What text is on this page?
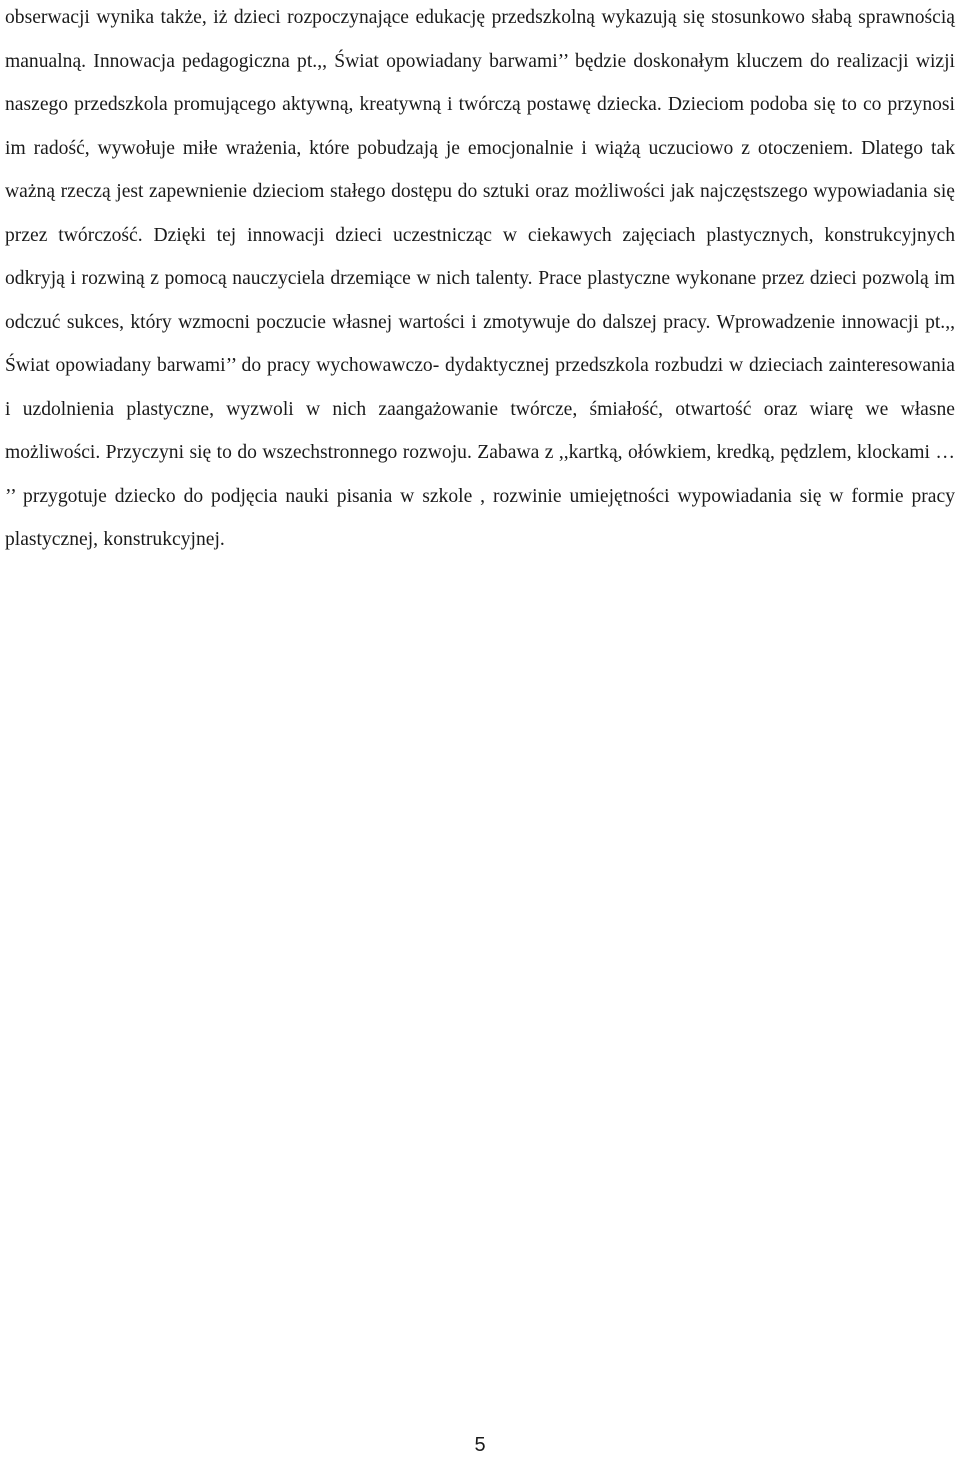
obserwacji wynika także, iż dzieci rozpoczynające edukację przedszkolną wykazują się stosunkowo słabą sprawnością manualną. Innowacja pedagogiczna pt.,, Świat opowiadany barwami’’ będzie doskonałym kluczem do realizacji wizji naszego przedszkola promującego aktywną, kreatywną i twórczą postawę dziecka. Dzieciom podoba się to co przynosi im radość, wywołuje miłe wrażenia, które pobudzają je emocjonalnie i wiążą uczuciowo z otoczeniem. Dlatego tak ważną rzeczą jest zapewnienie dzieciom stałego dostępu do sztuki oraz możliwości jak najczęstszego wypowiadania się przez twórczość. Dzięki tej innowacji dzieci uczestnicząc w ciekawych zajęciach plastycznych, konstrukcyjnych odkryją i rozwiną z pomocą nauczyciela drzemiące w nich talenty. Prace plastyczne wykonane przez dzieci pozwolą im odczuć sukces, który wzmocni poczucie własnej wartości i zmotywuje do dalszej pracy. Wprowadzenie innowacji pt.,, Świat opowiadany barwami’’ do pracy wychowawczo- dydaktycznej przedszkola rozbudzi w dzieciach zainteresowania i uzdolnienia plastyczne, wyzwoli w nich zaangażowanie twórcze, śmiałość, otwartość oraz wiarę we własne możliwości. Przyczyni się to do wszechstronnego rozwoju. Zabawa z ,,kartką, ołówkiem, kredką, pędzlem, klockami … ’’ przygotuje dziecko do podjęcia nauki pisania w szkole , rozwinie umiejętności wypowiadania się w formie pracy plastycznej, konstrukcyjnej.

5
